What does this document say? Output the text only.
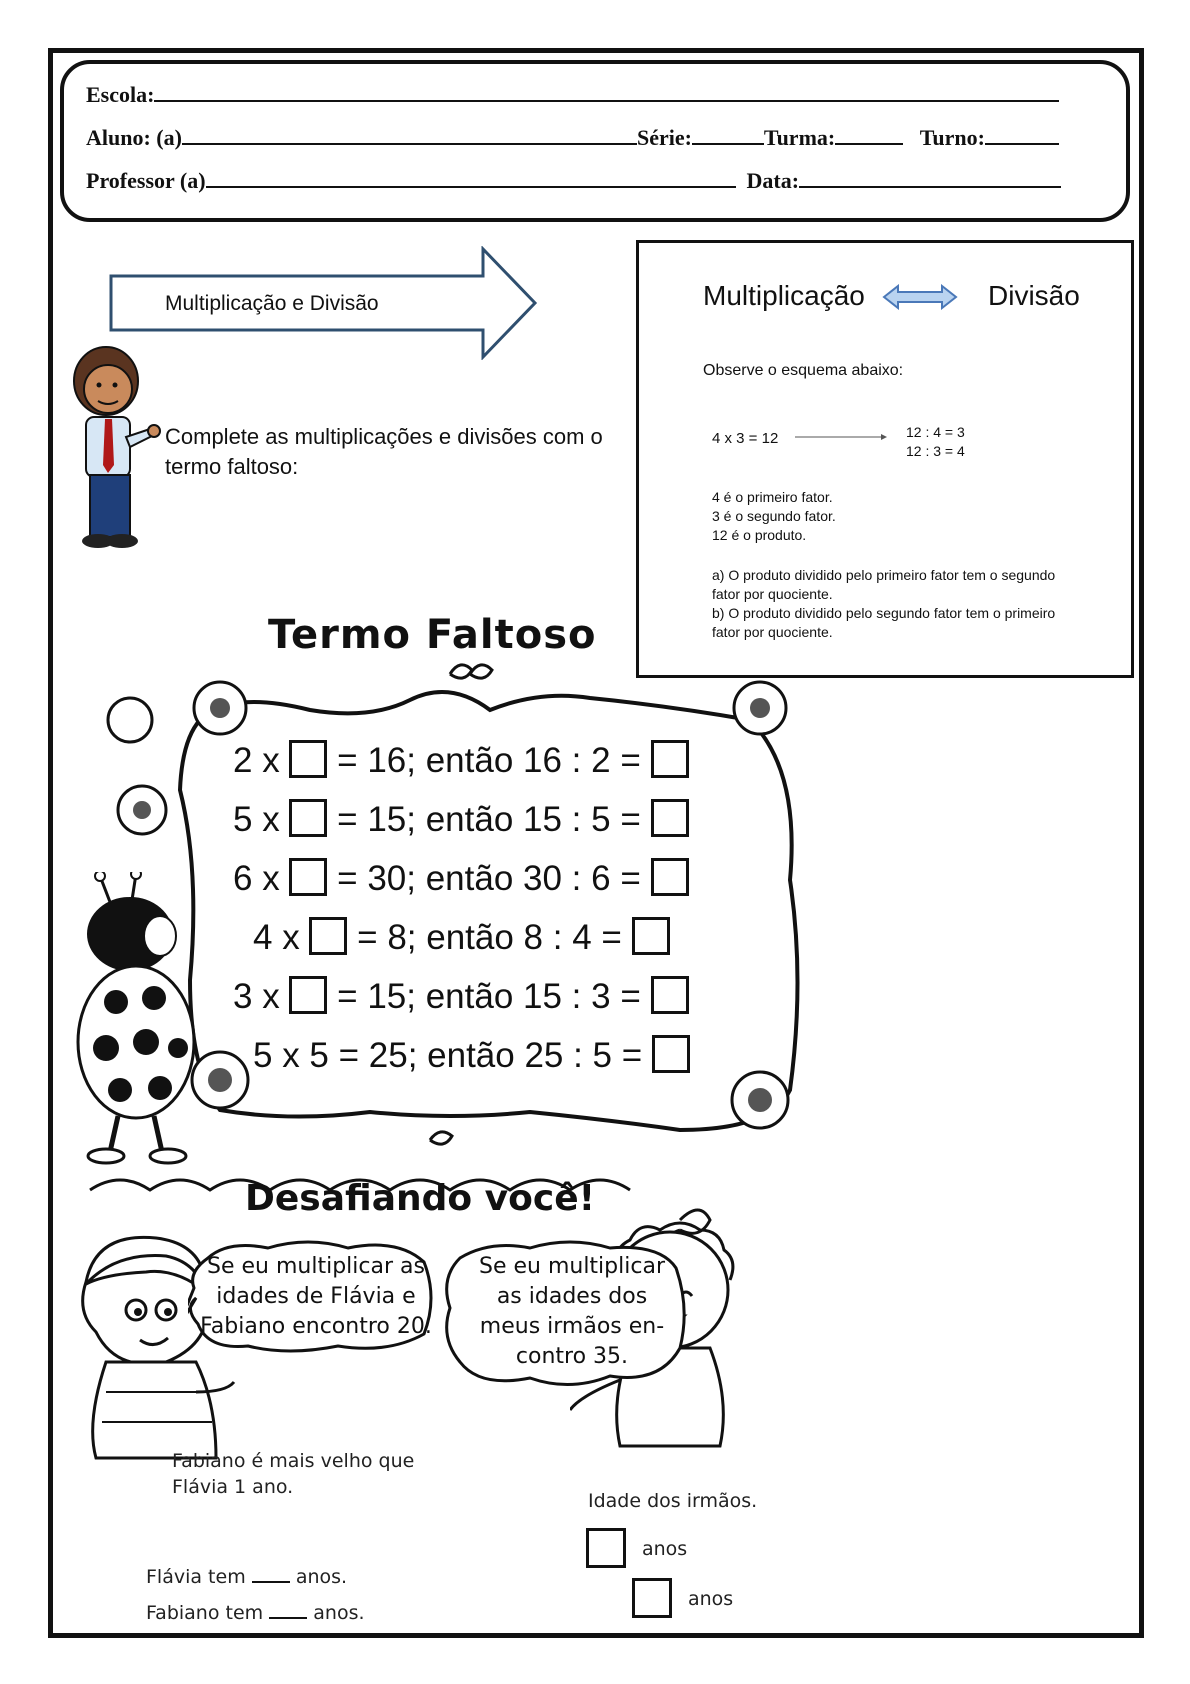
Escola:
Aluno: (a)	Série:	Turma:	Turno:
Professor (a)	Data:
Multiplicação e Divisão
Complete as multiplicações e divisões com o termo faltoso:
Multiplicação	Divisão
Observe o esquema abaixo:
4 x 3 = 12	12 : 4 = 3
12 : 3 = 4
4 é o primeiro fator.
3 é o segundo fator.
12 é o produto.
a) O produto dividido pelo primeiro fator tem o segundo
fator por quociente.
b) O produto dividido pelo segundo fator tem o primeiro
fator por quociente.
Termo Faltoso
2 x = 16; então 16 : 2 =
5 x = 15; então 15 : 5 =
6 x = 30; então 30 : 6 =
4 x = 8; então 8 : 4 =
3 x = 15; então 15 : 3 =
5 x 5 = 25; então 25 : 5 =
Desafiando você!
Se eu multiplicar as
idades de Flávia e
Fabiano encontro 20.
Se eu multiplicar
as idades dos
meus irmãos en-
contro 35.
Fabiano é mais velho que
Flávia 1 ano.
Idade dos irmãos.
anos
anos
Flávia tem	anos.
Fabiano tem	anos.
